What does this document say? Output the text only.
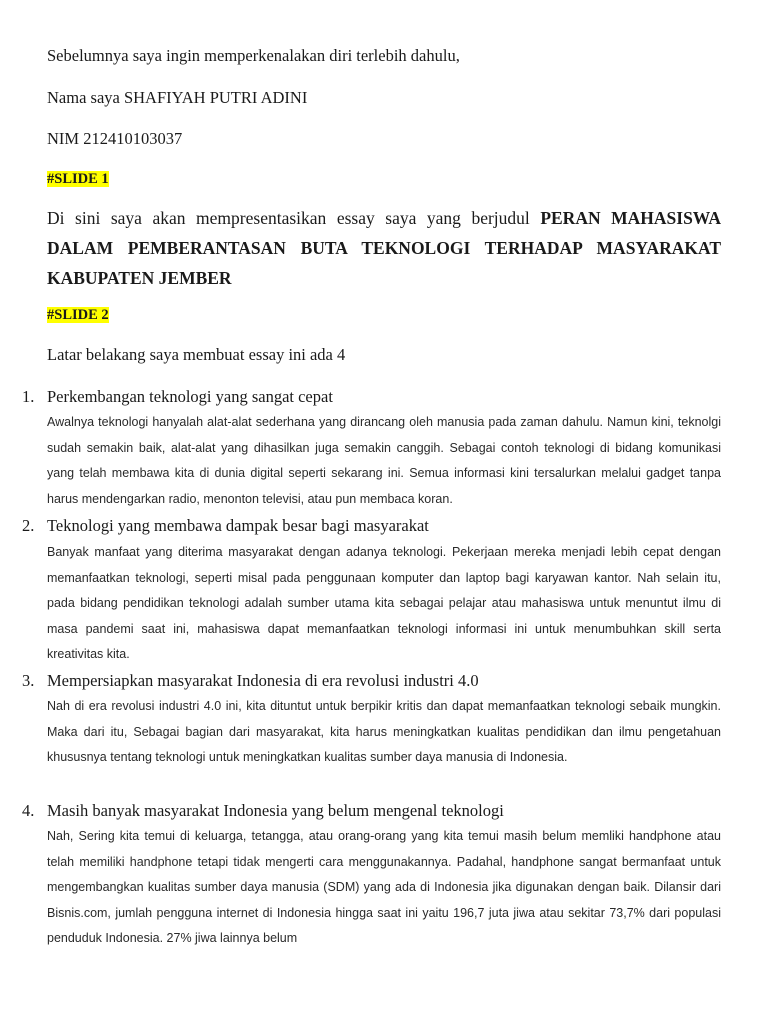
Sebelumnya saya ingin memperkenalakan diri terlebih dahulu,
Nama saya SHAFIYAH PUTRI ADINI
NIM 212410103037
#SLIDE 1
Di sini saya akan mempresentasikan essay saya yang berjudul PERAN MAHASISWA DALAM PEMBERANTASAN BUTA TEKNOLOGI TERHADAP MASYARAKAT KABUPATEN JEMBER
#SLIDE 2
Latar belakang saya membuat essay ini ada 4
1. Perkembangan teknologi yang sangat cepat
Awalnya teknologi hanyalah alat-alat sederhana yang dirancang oleh manusia pada zaman dahulu. Namun kini, teknolgi sudah semakin baik, alat-alat yang dihasilkan juga semakin canggih. Sebagai contoh teknologi di bidang komunikasi yang telah membawa kita di dunia digital seperti sekarang ini. Semua informasi kini tersalurkan melalui gadget tanpa harus mendengarkan radio, menonton televisi, atau pun membaca koran.
2. Teknologi yang membawa dampak besar bagi masyarakat
Banyak manfaat yang diterima masyarakat dengan adanya teknologi. Pekerjaan mereka menjadi lebih cepat dengan memanfaatkan teknologi, seperti misal pada penggunaan komputer dan laptop bagi karyawan kantor. Nah selain itu, pada bidang pendidikan teknologi adalah sumber utama kita sebagai pelajar atau mahasiswa untuk menuntut ilmu di masa pandemi saat ini, mahasiswa dapat memanfaatkan teknologi informasi ini untuk menumbuhkan skill serta kreativitas kita.
3. Mempersiapkan masyarakat Indonesia di era revolusi industri 4.0
Nah di era revolusi industri 4.0 ini, kita dituntut untuk berpikir kritis dan dapat memanfaatkan teknologi sebaik mungkin. Maka dari itu, Sebagai bagian dari masyarakat, kita harus meningkatkan kualitas pendidikan dan ilmu pengetahuan khususnya tentang teknologi untuk meningkatkan kualitas sumber daya manusia di Indonesia.
4. Masih banyak masyarakat Indonesia yang belum mengenal teknologi
Nah, Sering kita temui di keluarga, tetangga, atau orang-orang yang kita temui masih belum memliki handphone atau telah memiliki handphone tetapi tidak mengerti cara menggunakannya. Padahal, handphone sangat bermanfaat untuk mengembangkan kualitas sumber daya manusia (SDM) yang ada di Indonesia jika digunakan dengan baik. Dilansir dari Bisnis.com, jumlah pengguna internet di Indonesia hingga saat ini yaitu 196,7 juta jiwa atau sekitar 73,7% dari populasi penduduk Indonesia. 27% jiwa lainnya belum
